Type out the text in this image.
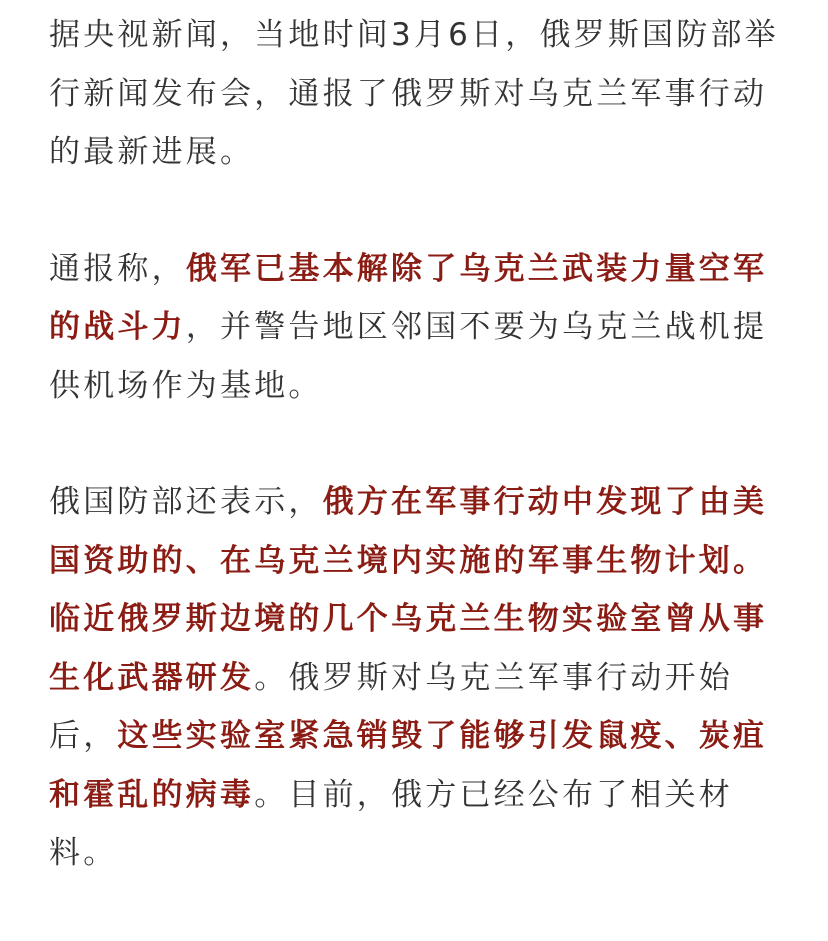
据央视新闻，当地时间3月6日，俄罗斯国防部举行新闻发布会，通报了俄罗斯对乌克兰军事行动的最新进展。

通报称，俄军已基本解除了乌克兰武装力量空军的战斗力，并警告地区邻国不要为乌克兰战机提供机场作为基地。

俄国防部还表示，俄方在军事行动中发现了由美国资助的、在乌克兰境内实施的军事生物计划。临近俄罗斯边境的几个乌克兰生物实验室曾从事生化武器研发。俄罗斯对乌克兰军事行动开始后，这些实验室紧急销毁了能够引发鼠疫、炭疽和霍乱的病毒。目前，俄方已经公布了相关材料。
